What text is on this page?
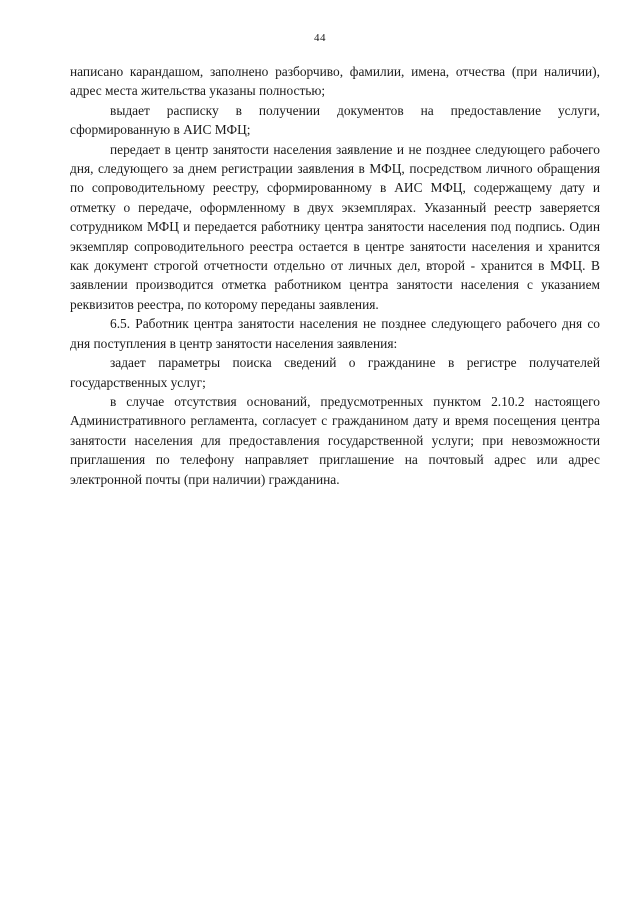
44

написано карандашом, заполнено разборчиво, фамилии, имена, отчества (при наличии), адрес места жительства указаны полностью;

выдает расписку в получении документов на предоставление услуги, сформированную в АИС МФЦ;

передает в центр занятости населения заявление и не позднее следующего рабочего дня, следующего за днем регистрации заявления в МФЦ, посредством личного обращения по сопроводительному реестру, сформированному в АИС МФЦ, содержащему дату и отметку о передаче, оформленному в двух экземплярах. Указанный реестр заверяется сотрудником МФЦ и передается работнику центра занятости населения под подпись. Один экземпляр сопроводительного реестра остается в центре занятости населения и хранится как документ строгой отчетности отдельно от личных дел, второй - хранится в МФЦ. В заявлении производится отметка работником центра занятости населения с указанием реквизитов реестра, по которому переданы заявления.

6.5. Работник центра занятости населения не позднее следующего рабочего дня со дня поступления в центр занятости населения заявления:

задает параметры поиска сведений о гражданине в регистре получателей государственных услуг;

в случае отсутствия оснований, предусмотренных пунктом 2.10.2 настоящего Административного регламента, согласует с гражданином дату и время посещения центра занятости населения для предоставления государственной услуги; при невозможности приглашения по телефону направляет приглашение на почтовый адрес или адрес электронной почты (при наличии) гражданина.
